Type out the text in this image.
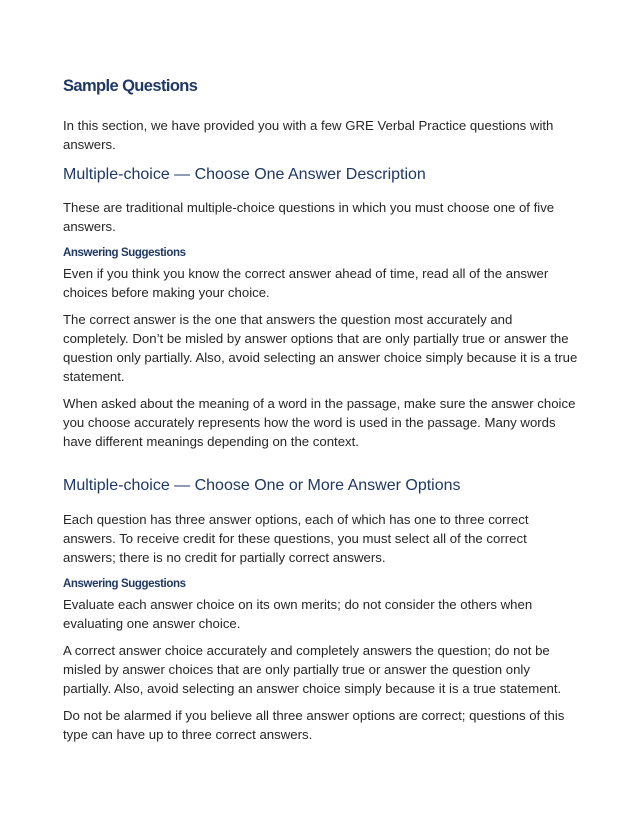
Sample Questions

In this section, we have provided you with a few GRE Verbal Practice questions with answers.

Multiple-choice — Choose One Answer Description

These are traditional multiple-choice questions in which you must choose one of five answers.

Answering Suggestions

Even if you think you know the correct answer ahead of time, read all of the answer choices before making your choice.

The correct answer is the one that answers the question most accurately and completely. Don’t be misled by answer options that are only partially true or answer the question only partially. Also, avoid selecting an answer choice simply because it is a true statement.

When asked about the meaning of a word in the passage, make sure the answer choice you choose accurately represents how the word is used in the passage. Many words have different meanings depending on the context.

Multiple-choice — Choose One or More Answer Options

Each question has three answer options, each of which has one to three correct answers. To receive credit for these questions, you must select all of the correct answers; there is no credit for partially correct answers.

Answering Suggestions

Evaluate each answer choice on its own merits; do not consider the others when evaluating one answer choice.

A correct answer choice accurately and completely answers the question; do not be misled by answer choices that are only partially true or answer the question only partially. Also, avoid selecting an answer choice simply because it is a true statement.

Do not be alarmed if you believe all three answer options are correct; questions of this type can have up to three correct answers.
